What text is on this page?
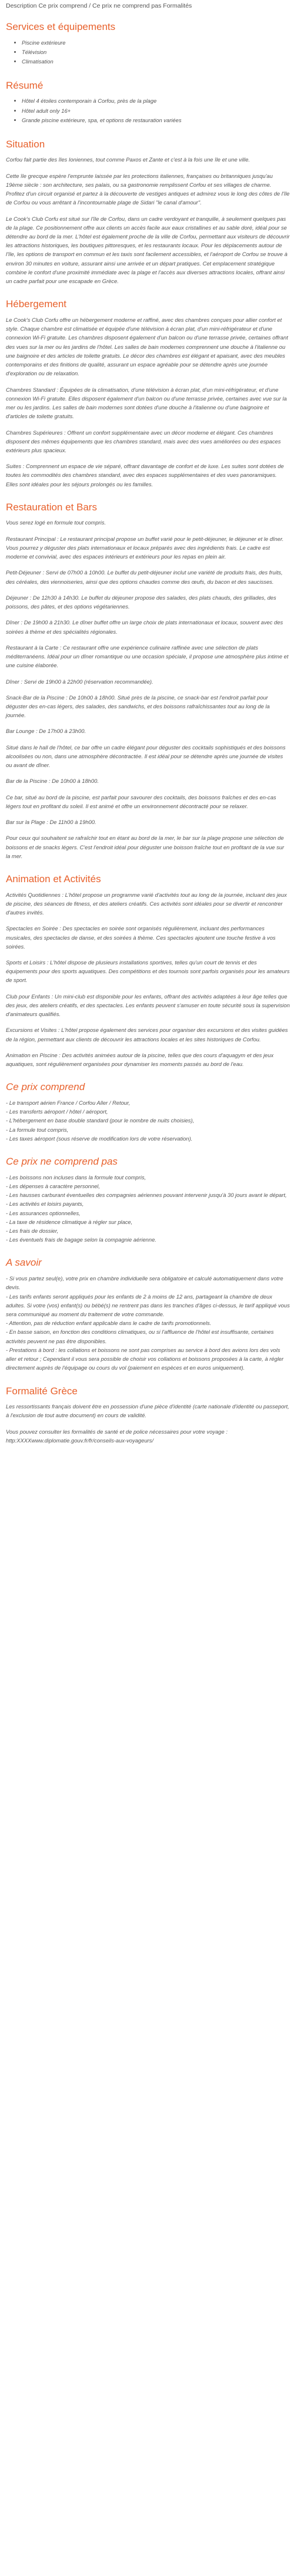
Description Ce prix comprend / Ce prix ne comprend pas Formalités
Services et équipements
• Piscine extérieure
• Télévision
• Climatisation
Résumé
• Hôtel 4 étoiles contemporain à Corfou, près de la plage
• Hôtel adult only 16+
• Grande piscine extérieure, spa, et options de restauration variées
Situation

Corfou fait partie des îles Ioniennes, tout comme Paxos et Zante et c'est à la fois une île et une ville.

Cette île grecque espère l'emprunte laissée par les protections italiennes, françaises ou britanniques jusqu'au 19ème siècle : son architecture, ses palais, ou sa gastronomie remplissent Corfou et ses villages de charme. Profitez d'un circuit organisé et partez à la découverte de vestiges antiques et admirez vous le long des côtes de l'île de Corfou ou vous arrêtant à l'incontournable plage de Sidari "le canal d'amour".

Le Cook's Club Corfu est situé sur l'île de Corfou, dans un cadre verdoyant et tranquille, à seulement quelques pas de la plage. Ce positionnement offre aux clients un accès facile aux eaux cristallines et au sable doré, idéal pour se détendre au bord de la mer. L'hôtel est également proche de la ville de Corfou, permettant aux visiteurs de découvrir les attractions historiques, les boutiques pittoresques, et les restaurants locaux. Pour les déplacements autour de l'île, les options de transport en commun et les taxis sont facilement accessibles, et l'aéroport de Corfou se trouve à environ 30 minutes en voiture, assurant ainsi une arrivée et un départ pratiques. Cet emplacement stratégique combine le confort d'une proximité immédiate avec la plage et l'accès aux diverses attractions locales, offrant ainsi un cadre parfait pour une escapade en Grèce.

Hébergement

Le Cook's Club Corfu offre un hébergement moderne et raffiné, avec des chambres conçues pour allier confort et style. Chaque chambre est climatisée et équipée d'une télévision à écran plat, d'un mini-réfrigérateur et d'une connexion Wi-Fi gratuite. Les chambres disposent également d'un balcon ou d'une terrasse privée, certaines offrant des vues sur la mer ou les jardins de l'hôtel. Les salles de bain modernes comprennent une douche à l'italienne ou une baignoire et des articles de toilette gratuits. Le décor des chambres est élégant et apaisant, avec des meubles contemporains et des finitions de qualité, assurant un espace agréable pour se détendre après une journée d'exploration ou de relaxation.

Chambres Standard : Équipées de la climatisation, d'une télévision à écran plat, d'un mini-réfrigérateur, et d'une connexion Wi-Fi gratuite. Elles disposent également d'un balcon ou d'une terrasse privée, certaines avec vue sur la mer ou les jardins. Les salles de bain modernes sont dotées d'une douche à l'italienne ou d'une baignoire et d'articles de toilette gratuits.

Chambres Supérieures : Offrent un confort supplémentaire avec un décor moderne et élégant. Ces chambres disposent des mêmes équipements que les chambres standard, mais avec des vues améliorées ou des espaces extérieurs plus spacieux.

Suites : Comprennent un espace de vie séparé, offrant davantage de confort et de luxe. Les suites sont dotées de toutes les commodités des chambres standard, avec des espaces supplémentaires et des vues panoramiques. Elles sont idéales pour les séjours prolongés ou les familles.

Restauration et Bars

Vous serez logé en formule tout compris.

Restaurant Principal : Le restaurant principal propose un buffet varié pour le petit-déjeuner, le déjeuner et le dîner. Vous pourrez y déguster des plats internationaux et locaux préparés avec des ingrédients frais. Le cadre est moderne et convivial, avec des espaces intérieurs et extérieurs pour les repas en plein air.

Petit-Déjeuner : Servi de 07h00 à 10h00. Le buffet du petit-déjeuner inclut une variété de produits frais, des fruits, des céréales, des viennoiseries, ainsi que des options chaudes comme des œufs, du bacon et des saucisses.

Déjeuner : De 12h30 à 14h30. Le buffet du déjeuner propose des salades, des plats chauds, des grillades, des poissons, des pâtes, et des options végétariennes.

Dîner : De 19h00 à 21h30. Le dîner buffet offre un large choix de plats internationaux et locaux, souvent avec des soirées à thème et des spécialités régionales.

Restaurant à la Carte : Ce restaurant offre une expérience culinaire raffinée avec une sélection de plats méditerranéens. Idéal pour un dîner romantique ou une occasion spéciale, il propose une atmosphère plus intime et une cuisine élaborée.

Dîner : Servi de 19h00 à 22h00 (réservation recommandée).

Snack-Bar de la Piscine : De 10h00 à 18h00. Situé près de la piscine, ce snack-bar est l'endroit parfait pour déguster des en-cas légers, des salades, des sandwichs, et des boissons rafraîchissantes tout au long de la journée.

Bar Lounge : De 17h00 à 23h00.

Situé dans le hall de l'hôtel, ce bar offre un cadre élégant pour déguster des cocktails sophistiqués et des boissons alcoolisées ou non, dans une atmosphère décontractée. Il est idéal pour se détendre après une journée de visites ou avant de dîner.

Bar de la Piscine : De 10h00 à 18h00.

Ce bar, situé au bord de la piscine, est parfait pour savourer des cocktails, des boissons fraîches et des en-cas légers tout en profitant du soleil. Il est animé et offre un environnement décontracté pour se relaxer.

Bar sur la Plage : De 11h00 à 19h00.

Pour ceux qui souhaitent se rafraîchir tout en étant au bord de la mer, le bar sur la plage propose une sélection de boissons et de snacks légers. C'est l'endroit idéal pour déguster une boisson fraîche tout en profitant de la vue sur la mer.

Animation et Activités

Activités Quotidiennes : L'hôtel propose un programme varié d'activités tout au long de la journée, incluant des jeux de piscine, des séances de fitness, et des ateliers créatifs. Ces activités sont idéales pour se divertir et rencontrer d'autres invités.

Spectacles en Soirée : Des spectacles en soirée sont organisés régulièrement, incluant des performances musicales, des spectacles de danse, et des soirées à thème. Ces spectacles ajoutent une touche festive à vos soirées.

Sports et Loisirs : L'hôtel dispose de plusieurs installations sportives, telles qu'un court de tennis et des équipements pour des sports aquatiques. Des compétitions et des tournois sont parfois organisés pour les amateurs de sport.

Club pour Enfants : Un mini-club est disponible pour les enfants, offrant des activités adaptées à leur âge telles que des jeux, des ateliers créatifs, et des spectacles. Les enfants peuvent s'amuser en toute sécurité sous la supervision d'animateurs qualifiés.

Excursions et Visites : L'hôtel propose également des services pour organiser des excursions et des visites guidées de la région, permettant aux clients de découvrir les attractions locales et les sites historiques de Corfou.

Animation en Piscine : Des activités animées autour de la piscine, telles que des cours d'aquagym et des jeux aquatiques, sont régulièrement organisées pour dynamiser les moments passés au bord de l'eau.

Ce prix comprend

- Le transport aérien France / Corfou Aller / Retour,

- Les transferts aéroport / hôtel / aéroport,

- L'hébergement en base double standard (pour le nombre de nuits choisies),

- La formule tout compris,

- Les taxes aéroport (sous réserve de modification lors de votre réservation).

Ce prix ne comprend pas

- Les boissons non incluses dans la formule tout compris,

- Les dépenses à caractère personnel,

- Les hausses carburant éventuelles des compagnies aériennes pouvant intervenir jusqu'à 30 jours avant le départ,

- Les activités et loisirs payants,

- Les assurances optionnelles,

- La taxe de résidence climatique à régler sur place,

- Les frais de dossier,

- Les éventuels frais de bagage selon la compagnie aérienne.

A savoir

- Si vous partez seul(e), votre prix en chambre individuelle sera obligatoire et calculé automatiquement dans votre devis.

- Les tarifs enfants seront appliqués pour les enfants de 2 à moins de 12 ans, partageant la chambre de deux adultes. Si votre (vos) enfant(s) ou bébé(s) ne rentrent pas dans les tranches d'âges ci-dessus, le tarif appliqué vous sera communiqué au moment du traitement de votre commande.

- Attention, pas de réduction enfant applicable dans le cadre de tarifs promotionnels.

- En basse saison, en fonction des conditions climatiques, ou si l'affluence de l'hôtel est insuffisante, certaines activités peuvent ne pas être disponibles.

- Prestations à bord : les collations et boissons ne sont pas comprises au service à bord des avions lors des vols aller et retour ; Cependant il vous sera possible de choisir vos collations et boissons proposées à la carte, à régler directement auprès de l'équipage ou cours du vol (paiement en espèces et en euros uniquement).

Formalité Grèce

Les ressortissants français doivent être en possession d'une pièce d'identité (carte nationale d'identité ou passeport, à l'exclusion de tout autre document) en cours de validité.

Vous pouvez consulter les formalités de santé et de police nécessaires pour votre voyage : http:XXXXwww.diplomatie.gouv.fr/fr/conseils-aux-voyageurs/
